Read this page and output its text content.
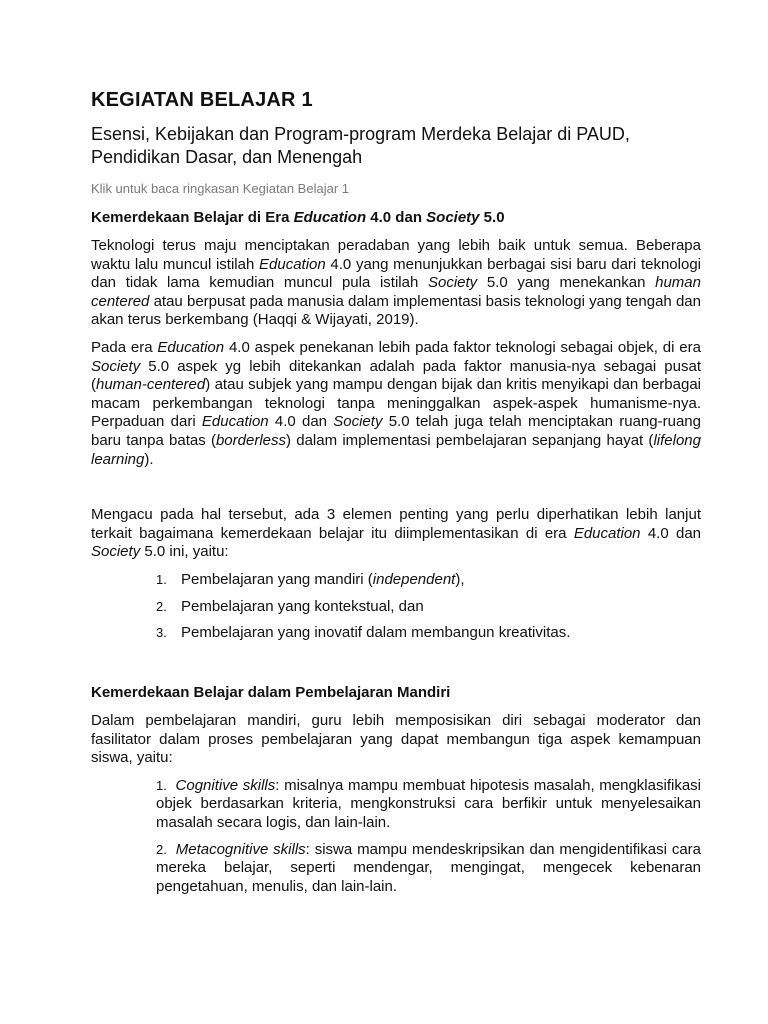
KEGIATAN BELAJAR 1
Esensi, Kebijakan dan Program-program Merdeka Belajar di PAUD, Pendidikan Dasar, dan Menengah
Klik untuk baca ringkasan Kegiatan Belajar 1
Kemerdekaan Belajar di Era Education 4.0 dan Society 5.0

Teknologi terus maju menciptakan peradaban yang lebih baik untuk semua. Beberapa waktu lalu muncul istilah Education 4.0 yang menunjukkan berbagai sisi baru dari teknologi dan tidak lama kemudian muncul pula istilah Society 5.0 yang menekankan human centered atau berpusat pada manusia dalam implementasi basis teknologi yang tengah dan akan terus berkembang (Haqqi & Wijayati, 2019).

Pada era Education 4.0 aspek penekanan lebih pada faktor teknologi sebagai objek, di era Society 5.0 aspek yg lebih ditekankan adalah pada faktor manusia-nya sebagai pusat (human-centered) atau subjek yang mampu dengan bijak dan kritis menyikapi dan berbagai macam perkembangan teknologi tanpa meninggalkan aspek-aspek humanisme-nya. Perpaduan dari Education 4.0 dan Society 5.0 telah juga telah menciptakan ruang-ruang baru tanpa batas (borderless) dalam implementasi pembelajaran sepanjang hayat (lifelong learning).

Mengacu pada hal tersebut, ada 3 elemen penting yang perlu diperhatikan lebih lanjut terkait bagaimana kemerdekaan belajar itu diimplementasikan di era Education 4.0 dan Society 5.0 ini, yaitu:

1. Pembelajaran yang mandiri (independent),
2. Pembelajaran yang kontekstual, dan
3. Pembelajaran yang inovatif dalam membangun kreativitas.
Kemerdekaan Belajar dalam Pembelajaran Mandiri

Dalam pembelajaran mandiri, guru lebih memposisikan diri sebagai moderator dan fasilitator dalam proses pembelajaran yang dapat membangun tiga aspek kemampuan siswa, yaitu:

1. Cognitive skills: misalnya mampu membuat hipotesis masalah, mengklasifikasi objek berdasarkan kriteria, mengkonstruksi cara berfikir untuk menyelesaikan masalah secara logis, dan lain-lain.
2. Metacognitive skills: siswa mampu mendeskripsikan dan mengidentifikasi cara mereka belajar, seperti mendengar, mengingat, mengecek kebenaran pengetahuan, menulis, dan lain-lain.
